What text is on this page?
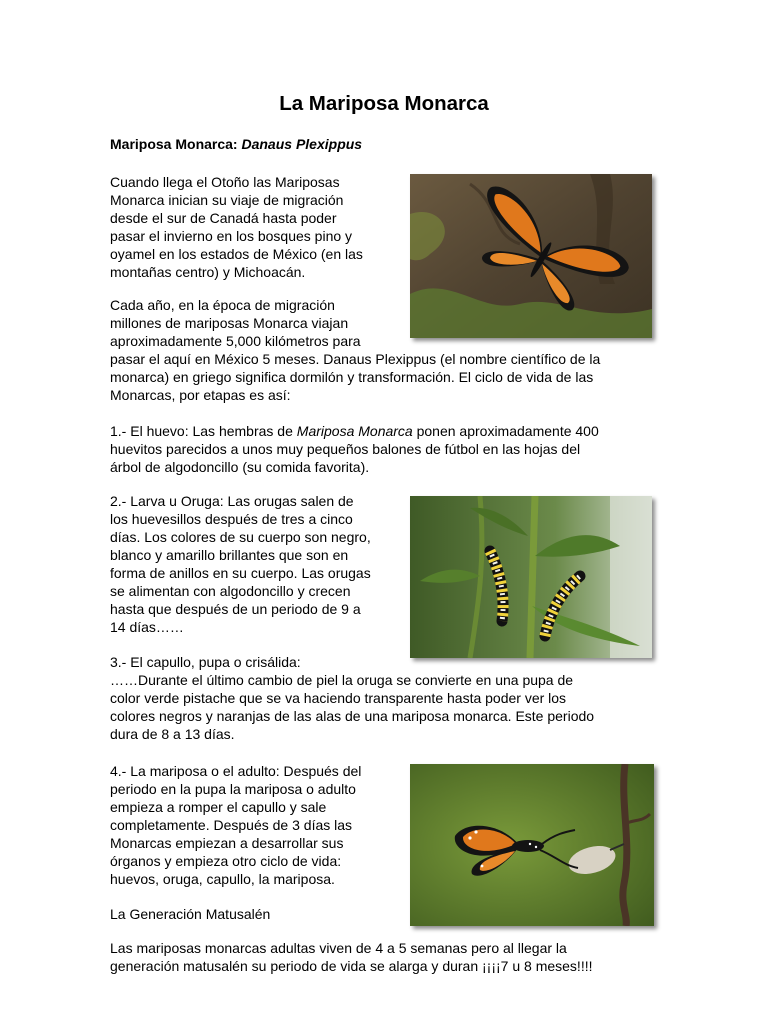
La Mariposa Monarca

Mariposa Monarca: Danaus Plexippus

Cuando llega el Otoño las Mariposas
Monarca inician su viaje de migración
desde el sur de Canadá hasta poder
pasar el invierno en los bosques pino y
oyamel en los estados de México (en las
montañas centro) y Michoacán.

Cada año, en la época de migración
millones de mariposas Monarca viajan
aproximadamente 5,000 kilómetros para
pasar el aquí en México 5 meses. Danaus Plexippus (el nombre científico de la
monarca) en griego significa dormilón y transformación. El ciclo de vida de las
Monarcas, por etapas es así:

1.- El huevo: Las hembras de Mariposa Monarca ponen aproximadamente 400
huevitos parecidos a unos muy pequeños balones de fútbol en las hojas del
árbol de algodoncillo (su comida favorita).

2.- Larva u Oruga: Las orugas salen de
los huevesillos después de tres a cinco
días. Los colores de su cuerpo son negro,
blanco y amarillo brillantes que son en
forma de anillos en su cuerpo. Las orugas
se alimentan con algodoncillo y crecen
hasta que después de un periodo de 9 a
14 días……

3.- El capullo, pupa o crisálida:
……Durante el último cambio de piel la oruga se convierte en una pupa de
color verde pistache que se va haciendo transparente hasta poder ver los
colores negros y naranjas de las alas de una mariposa monarca. Este periodo
dura de 8 a 13 días.

4.- La mariposa o el adulto: Después del
periodo en la pupa la mariposa o adulto
empieza a romper el capullo y sale
completamente. Después de 3 días las
Monarcas empiezan a desarrollar sus
órganos y empieza otro ciclo de vida:
huevos, oruga, capullo, la mariposa.

La Generación Matusalén

Las mariposas monarcas adultas viven de 4 a 5 semanas pero al llegar la
generación matusalén su periodo de vida se alarga y duran ¡¡¡¡7 u 8 meses!!!!
